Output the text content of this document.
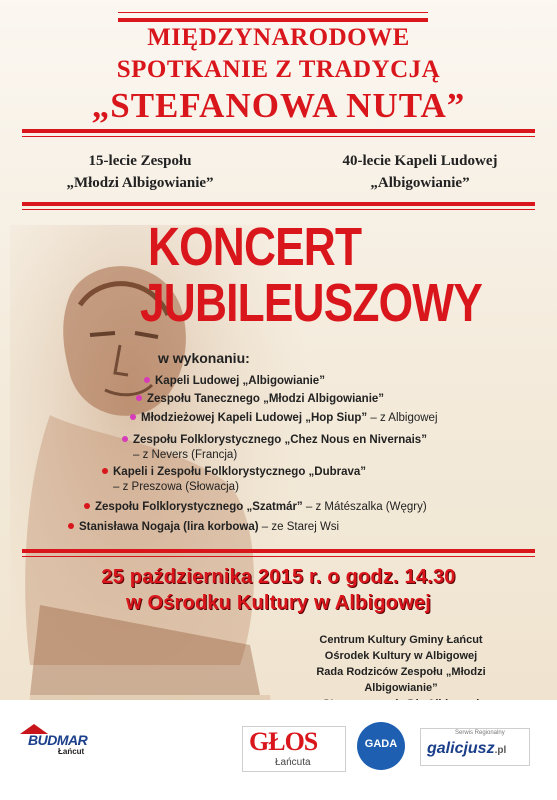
MIĘDZYNARODOWE
SPOTKANIE Z TRADYCJĄ
„STEFANOWA NUTA”
15-lecie Zespołu
„Młodzi Albigowianie”
40-lecie Kapeli Ludowej
„Albigowianie”
KONCERT
JUBILEUSZOWY
w wykonaniu:
Kapeli Ludowej „Albigowianie”
Zespołu Tanecznego „Młodzi Albigowianie”
Młodzieżowej Kapeli Ludowej „Hop Siup” – z Albigowej
Zespołu Folklorystycznego „Chez Nous en Nivernais”
– z Nevers (Francja)
Kapeli i Zespołu Folklorystycznego „Dubrava”
– z Preszowa (Słowacja)
Zespołu Folklorystycznego „Szatmár” – z Mátészalka (Węgry)
Stanisława Nogaja (lira korbowa) – ze Starej Wsi
25 października 2015 r. o godz. 14.30
w Ośrodku Kultury w Albigowej
Centrum Kultury Gminy Łańcut
Ośrodek Kultury w Albigowej
Rada Rodziców Zespołu „Młodzi Albigowianie”
BUDMAR
Łańcut	GŁOS
Łańcuta
GADA
Serwis Regionalny
galicjusz.pl
